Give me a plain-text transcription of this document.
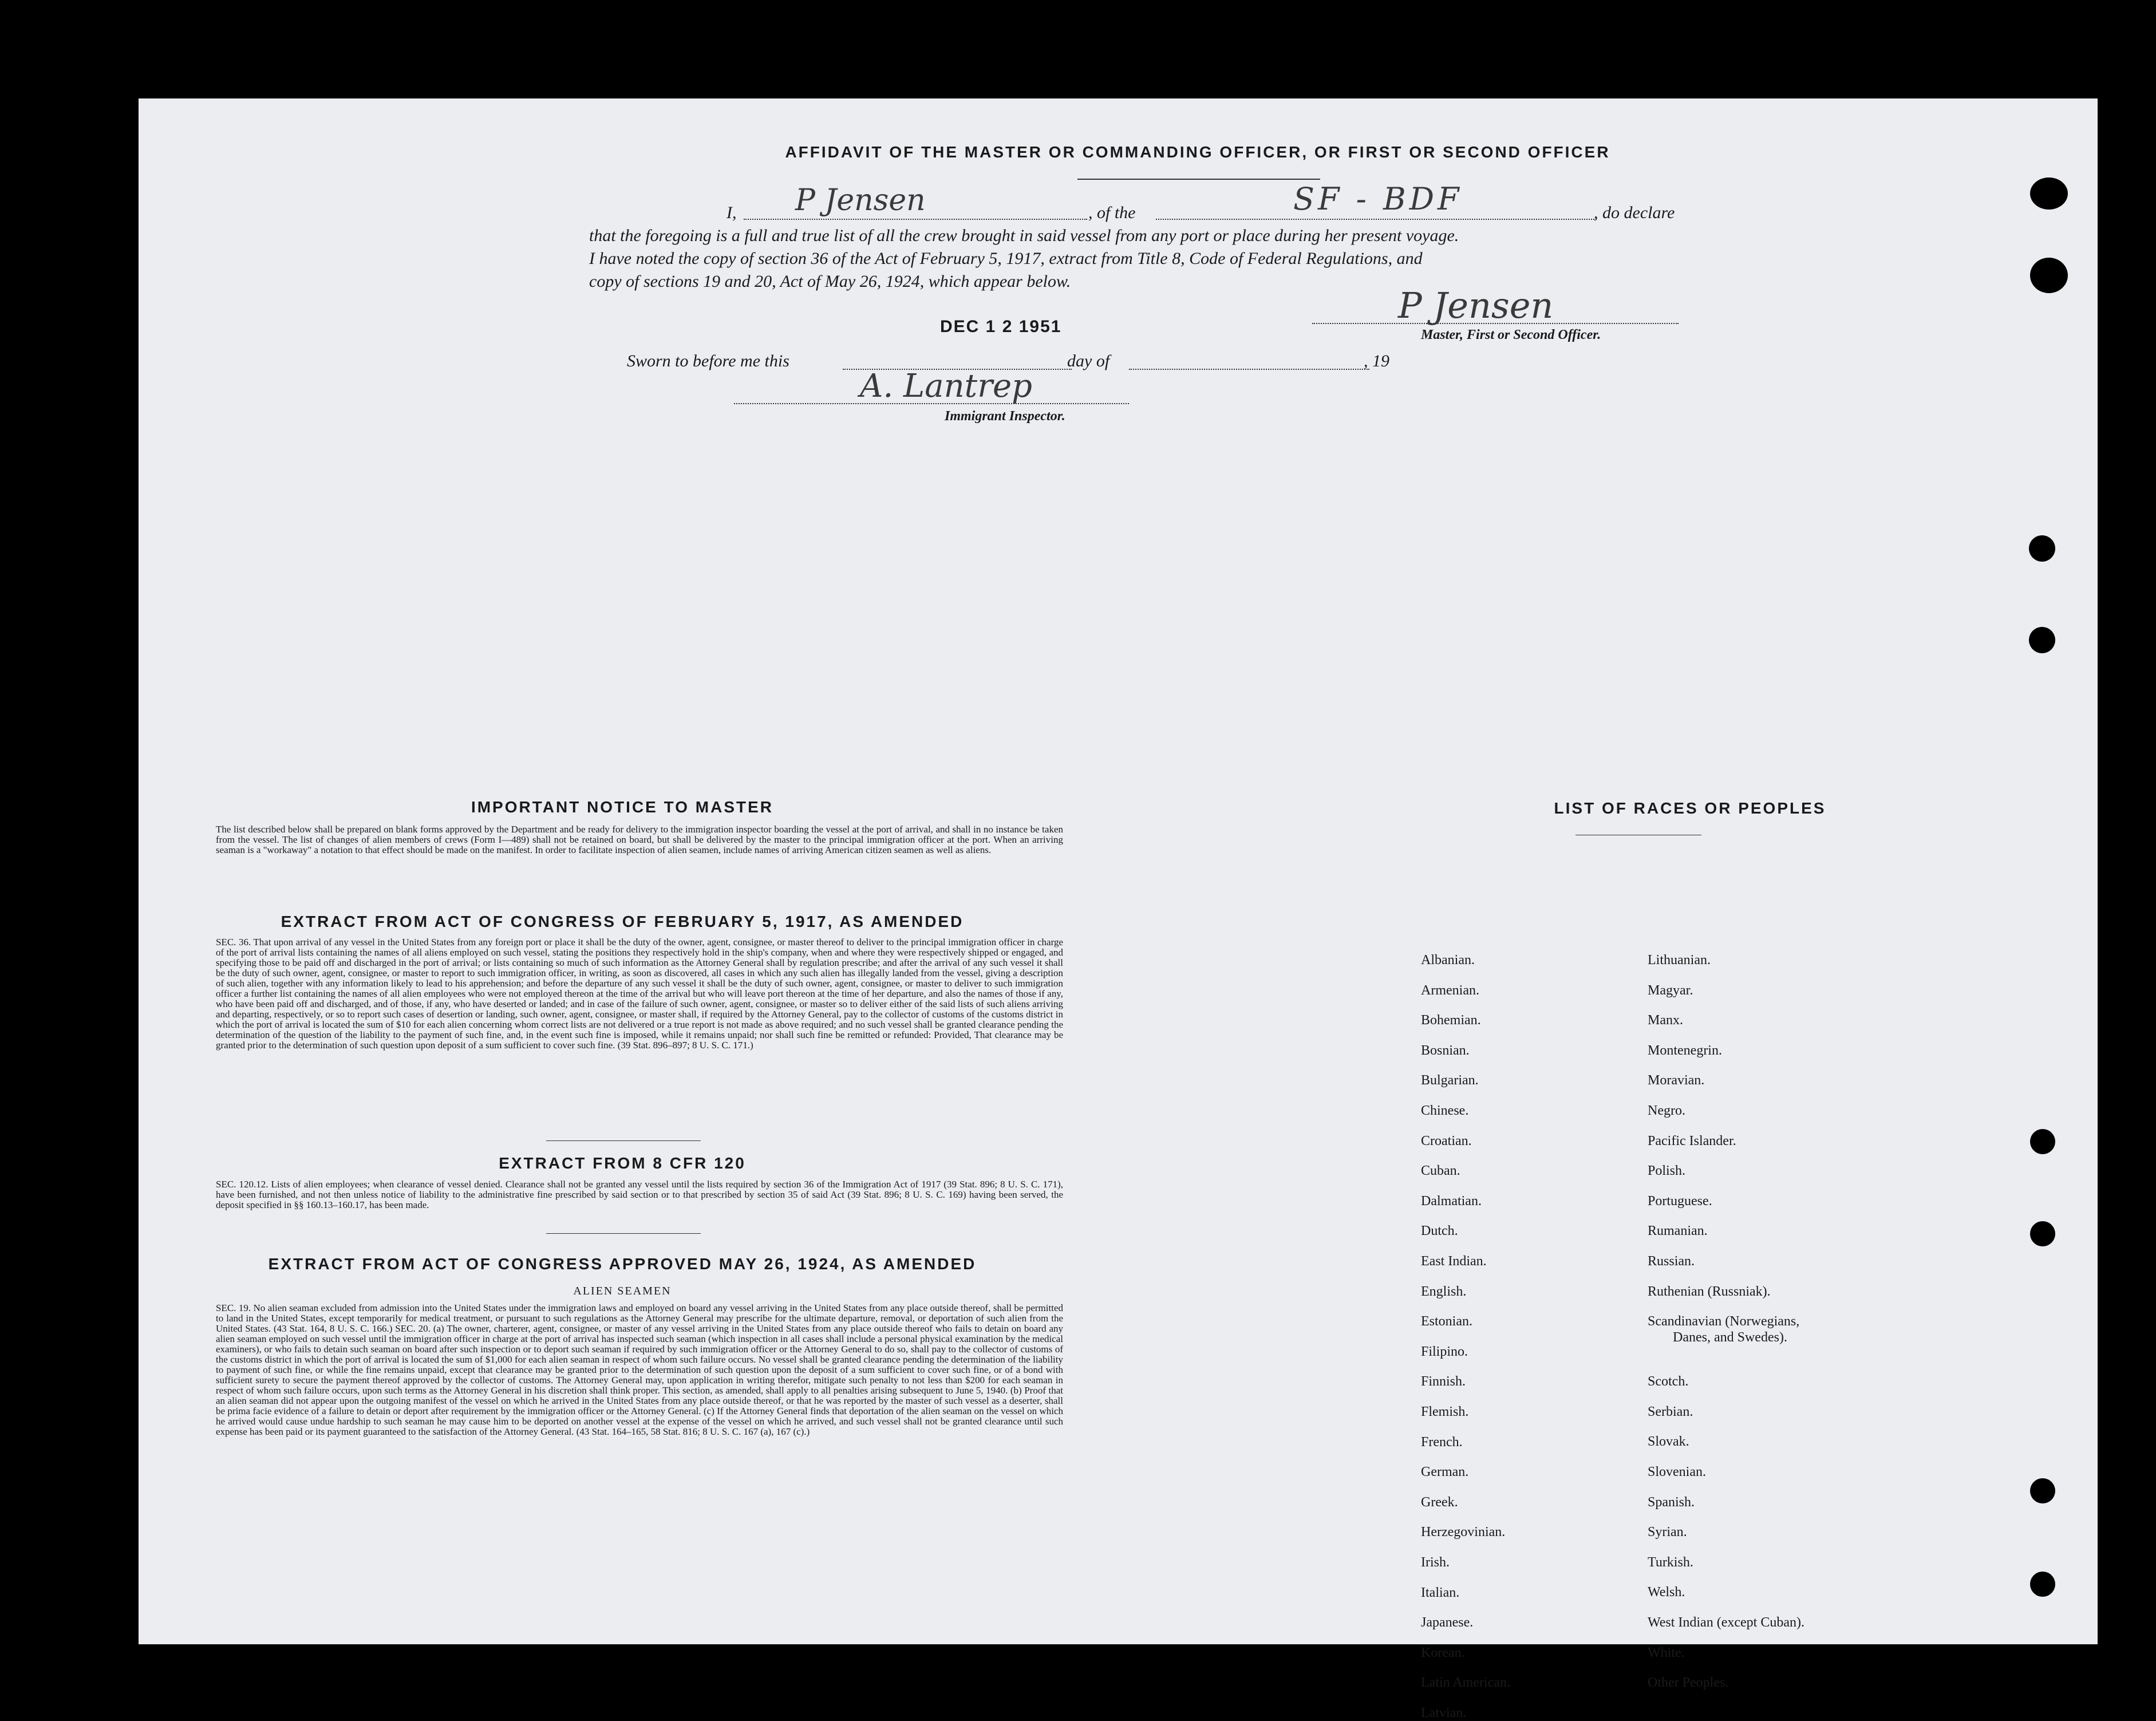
AFFIDAVIT OF THE MASTER OR COMMANDING OFFICER, OR FIRST OR SECOND OFFICER
I, P Jensen	, of the	SF - BDF	, do declare
that the foregoing is a full and true list of all the crew brought in said vessel from any port or place during her present voyage.
I have noted the copy of section 36 of the Act of February 5, 1917, extract from Title 8, Code of Federal Regulations, and
copy of sections 19 and 20, Act of May 26, 1924, which appear below.
DEC 1 2 1951
P Jensen
Master, First or Second Officer.
Sworn to before me this	day of	, 19
A. Lantrep
Immigrant Inspector.
IMPORTANT NOTICE TO MASTER
The list described below shall be prepared on blank forms approved by the Department and be ready for delivery to the immigration inspector boarding the vessel at the port of arrival, and shall in no instance be taken from the vessel. The list of changes of alien members of crews (Form I—489) shall not be retained on board, but shall be delivered by the master to the principal immigration officer at the port. When an arriving seaman is a "workaway" a notation to that effect should be made on the manifest. In order to facilitate inspection of alien seamen, include names of arriving American citizen seamen as well as aliens.
EXTRACT FROM ACT OF CONGRESS OF FEBRUARY 5, 1917, AS AMENDED
SEC. 36. That upon arrival of any vessel in the United States from any foreign port or place it shall be the duty of the owner, agent, consignee, or master thereof to deliver to the principal immigration officer in charge of the port of arrival lists containing the names of all aliens employed on such vessel, stating the positions they respectively hold in the ship's company, when and where they were respectively shipped or engaged, and specifying those to be paid off and discharged in the port of arrival; or lists containing so much of such information as the Attorney General shall by regulation prescribe; and after the arrival of any such vessel it shall be the duty of such owner, agent, consignee, or master to report to such immigration officer, in writing, as soon as discovered, all cases in which any such alien has illegally landed from the vessel, giving a description of such alien, together with any information likely to lead to his apprehension; and before the departure of any such vessel it shall be the duty of such owner, agent, consignee, or master to deliver to such immigration officer a further list containing the names of all alien employees who were not employed thereon at the time of the arrival but who will leave port thereon at the time of her departure, and also the names of those if any, who have been paid off and discharged, and of those, if any, who have deserted or landed; and in case of the failure of such owner, agent, consignee, or master so to deliver either of the said lists of such aliens arriving and departing, respectively, or so to report such cases of desertion or landing, such owner, agent, consignee, or master shall, if required by the Attorney General, pay to the collector of customs of the customs district in which the port of arrival is located the sum of $10 for each alien concerning whom correct lists are not delivered or a true report is not made as above required; and no such vessel shall be granted clearance pending the determination of the question of the liability to the payment of such fine, and, in the event such fine is imposed, while it remains unpaid; nor shall such fine be remitted or refunded: Provided, That clearance may be granted prior to the determination of such question upon deposit of a sum sufficient to cover such fine. (39 Stat. 896–897; 8 U. S. C. 171.)
EXTRACT FROM 8 CFR 120
SEC. 120.12. Lists of alien employees; when clearance of vessel denied. Clearance shall not be granted any vessel until the lists required by section 36 of the Immigration Act of 1917 (39 Stat. 896; 8 U. S. C. 171), have been furnished, and not then unless notice of liability to the administrative fine prescribed by said section or to that prescribed by section 35 of said Act (39 Stat. 896; 8 U. S. C. 169) having been served, the deposit specified in §§ 160.13–160.17, has been made.
EXTRACT FROM ACT OF CONGRESS APPROVED MAY 26, 1924, AS AMENDED
ALIEN SEAMEN
SEC. 19. No alien seaman excluded from admission into the United States under the immigration laws and employed on board any vessel arriving in the United States from any place outside thereof, shall be permitted to land in the United States, except temporarily for medical treatment, or pursuant to such regulations as the Attorney General may prescribe for the ultimate departure, removal, or deportation of such alien from the United States. (43 Stat. 164, 8 U. S. C. 166.) SEC. 20. (a) The owner, charterer, agent, consignee, or master of any vessel arriving in the United States from any place outside thereof who fails to detain on board any alien seaman employed on such vessel until the immigration officer in charge at the port of arrival has inspected such seaman (which inspection in all cases shall include a personal physical examination by the medical examiners), or who fails to detain such seaman on board after such inspection or to deport such seaman if required by such immigration officer or the Attorney General to do so, shall pay to the collector of customs of the customs district in which the port of arrival is located the sum of $1,000 for each alien seaman in respect of whom such failure occurs. No vessel shall be granted clearance pending the determination of the liability to payment of such fine, or while the fine remains unpaid, except that clearance may be granted prior to the determination of such question upon the deposit of a sum sufficient to cover such fine, or of a bond with sufficient surety to secure the payment thereof approved by the collector of customs. The Attorney General may, upon application in writing therefor, mitigate such penalty to not less than $200 for each seaman in respect of whom such failure occurs, upon such terms as the Attorney General in his discretion shall think proper. This section, as amended, shall apply to all penalties arising subsequent to June 5, 1940. (b) Proof that an alien seaman did not appear upon the outgoing manifest of the vessel on which he arrived in the United States from any place outside thereof, or that he was reported by the master of such vessel as a deserter, shall be prima facie evidence of a failure to detain or deport after requirement by the immigration officer or the Attorney General. (c) If the Attorney General finds that deportation of the alien seaman on the vessel on which he arrived would cause undue hardship to such seaman he may cause him to be deported on another vessel at the expense of the vessel on which he arrived, and such vessel shall not be granted clearance until such expense has been paid or its payment guaranteed to the satisfaction of the Attorney General. (43 Stat. 164–165, 58 Stat. 816; 8 U. S. C. 167 (a), 167 (c).)
LIST OF RACES OR PEOPLES
Albanian.
Armenian.
Bohemian.
Bosnian.
Bulgarian.
Chinese.
Croatian.
Cuban.
Dalmatian.
Dutch.
East Indian.
English.
Estonian.
Filipino.
Finnish.
Flemish.
French.
German.
Greek.
Herzegovinian.
Irish.
Italian.
Japanese.
Korean.
Latin American.
Latvian.
Lithuanian.
Magyar.
Manx.
Montenegrin.
Moravian.
Negro.
Pacific Islander.
Polish.
Portuguese.
Rumanian.
Russian.
Ruthenian (Russniak).
Scandinavian (Norwegians,
Danes, and Swedes).
Scotch.
Serbian.
Slovak.
Slovenian.
Spanish.
Syrian.
Turkish.
Welsh.
West Indian (except Cuban).
White.
Other Peoples.
